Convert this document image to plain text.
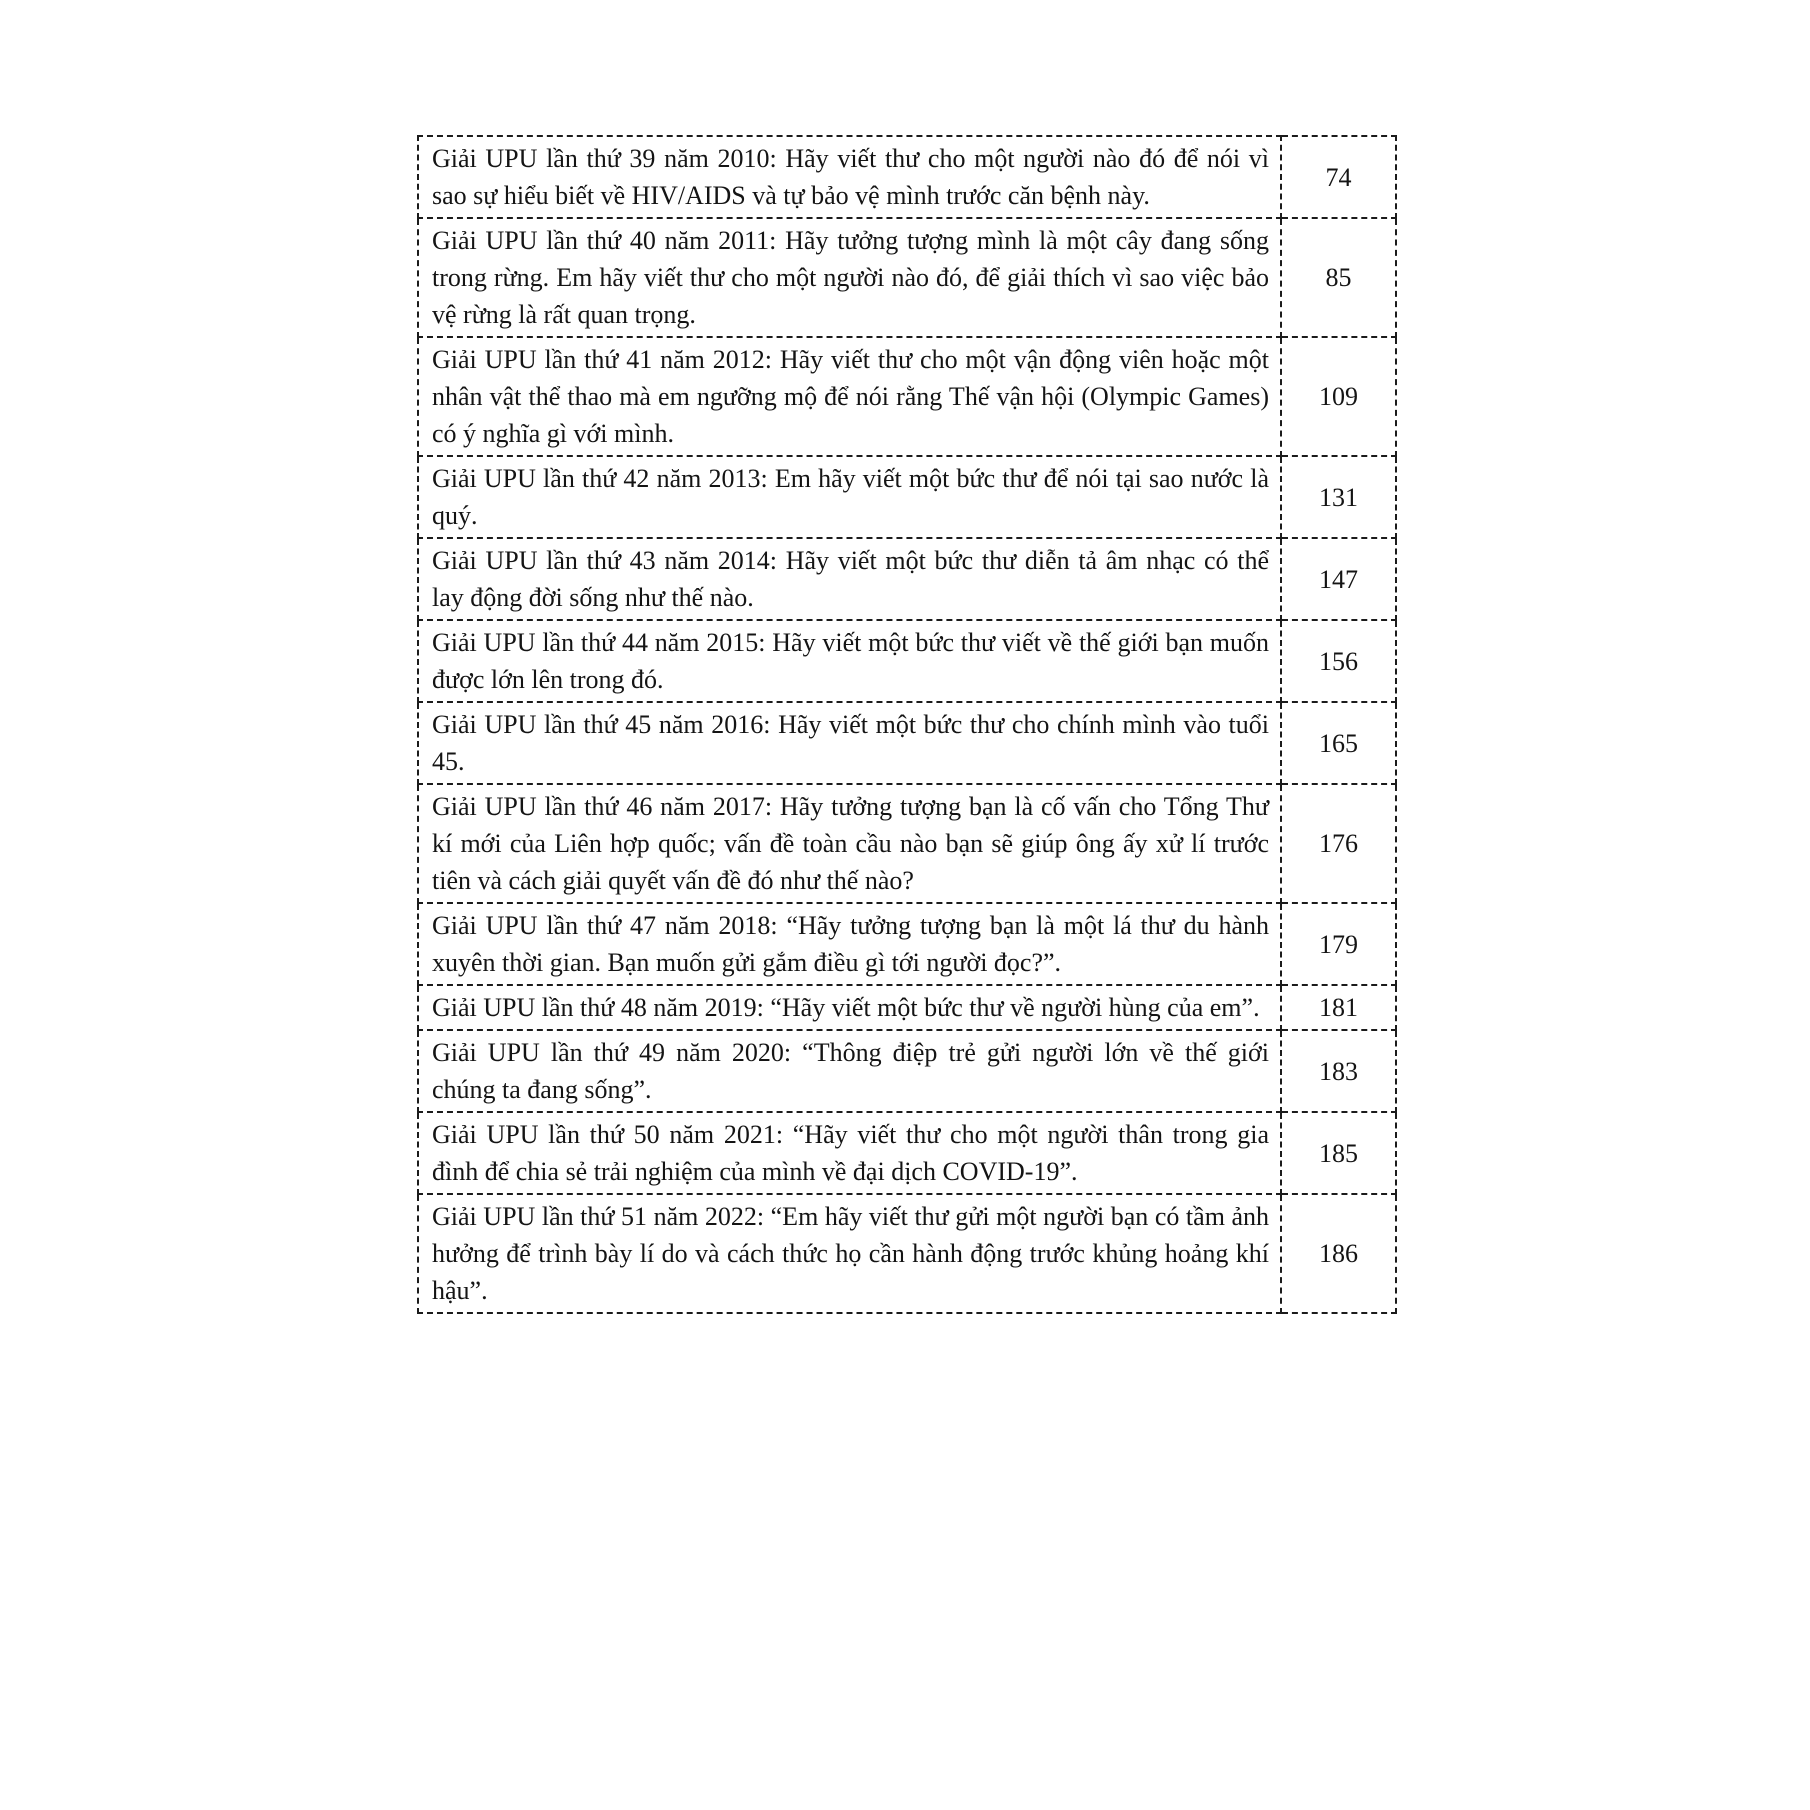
Giải UPU lần thứ 39 năm 2010: Hãy viết thư cho một người nào đó để nói vì sao sự hiểu biết về HIV/AIDS và tự bảo vệ mình trước căn bệnh này.	74
Giải UPU lần thứ 40 năm 2011: Hãy tưởng tượng mình là một cây đang sống trong rừng. Em hãy viết thư cho một người nào đó, để giải thích vì sao việc bảo vệ rừng là rất quan trọng.	85
Giải UPU lần thứ 41 năm 2012: Hãy viết thư cho một vận động viên hoặc một nhân vật thể thao mà em ngưỡng mộ để nói rằng Thế vận hội (Olympic Games) có ý nghĩa gì với mình.	109
Giải UPU lần thứ 42 năm 2013: Em hãy viết một bức thư để nói tại sao nước là quý.	131
Giải UPU lần thứ 43 năm 2014: Hãy viết một bức thư diễn tả âm nhạc có thể lay động đời sống như thế nào.	147
Giải UPU lần thứ 44 năm 2015: Hãy viết một bức thư viết về thế giới bạn muốn được lớn lên trong đó.	156
Giải UPU lần thứ 45 năm 2016: Hãy viết một bức thư cho chính mình vào tuổi 45.	165
Giải UPU lần thứ 46 năm 2017: Hãy tưởng tượng bạn là cố vấn cho Tổng Thư kí mới của Liên hợp quốc; vấn đề toàn cầu nào bạn sẽ giúp ông ấy xử lí trước tiên và cách giải quyết vấn đề đó như thế nào?	176
Giải UPU lần thứ 47 năm 2018: “Hãy tưởng tượng bạn là một lá thư du hành xuyên thời gian. Bạn muốn gửi gắm điều gì tới người đọc?”.	179
Giải UPU lần thứ 48 năm 2019: “Hãy viết một bức thư về người hùng của em”.	181
Giải UPU lần thứ 49 năm 2020: “Thông điệp trẻ gửi người lớn về thế giới chúng ta đang sống”.	183
Giải UPU lần thứ 50 năm 2021: “Hãy viết thư cho một người thân trong gia đình để chia sẻ trải nghiệm của mình về đại dịch COVID-19”.	185
Giải UPU lần thứ 51 năm 2022: “Em hãy viết thư gửi một người bạn có tầm ảnh hưởng để trình bày lí do và cách thức họ cần hành động trước khủng hoảng khí hậu”.	186
